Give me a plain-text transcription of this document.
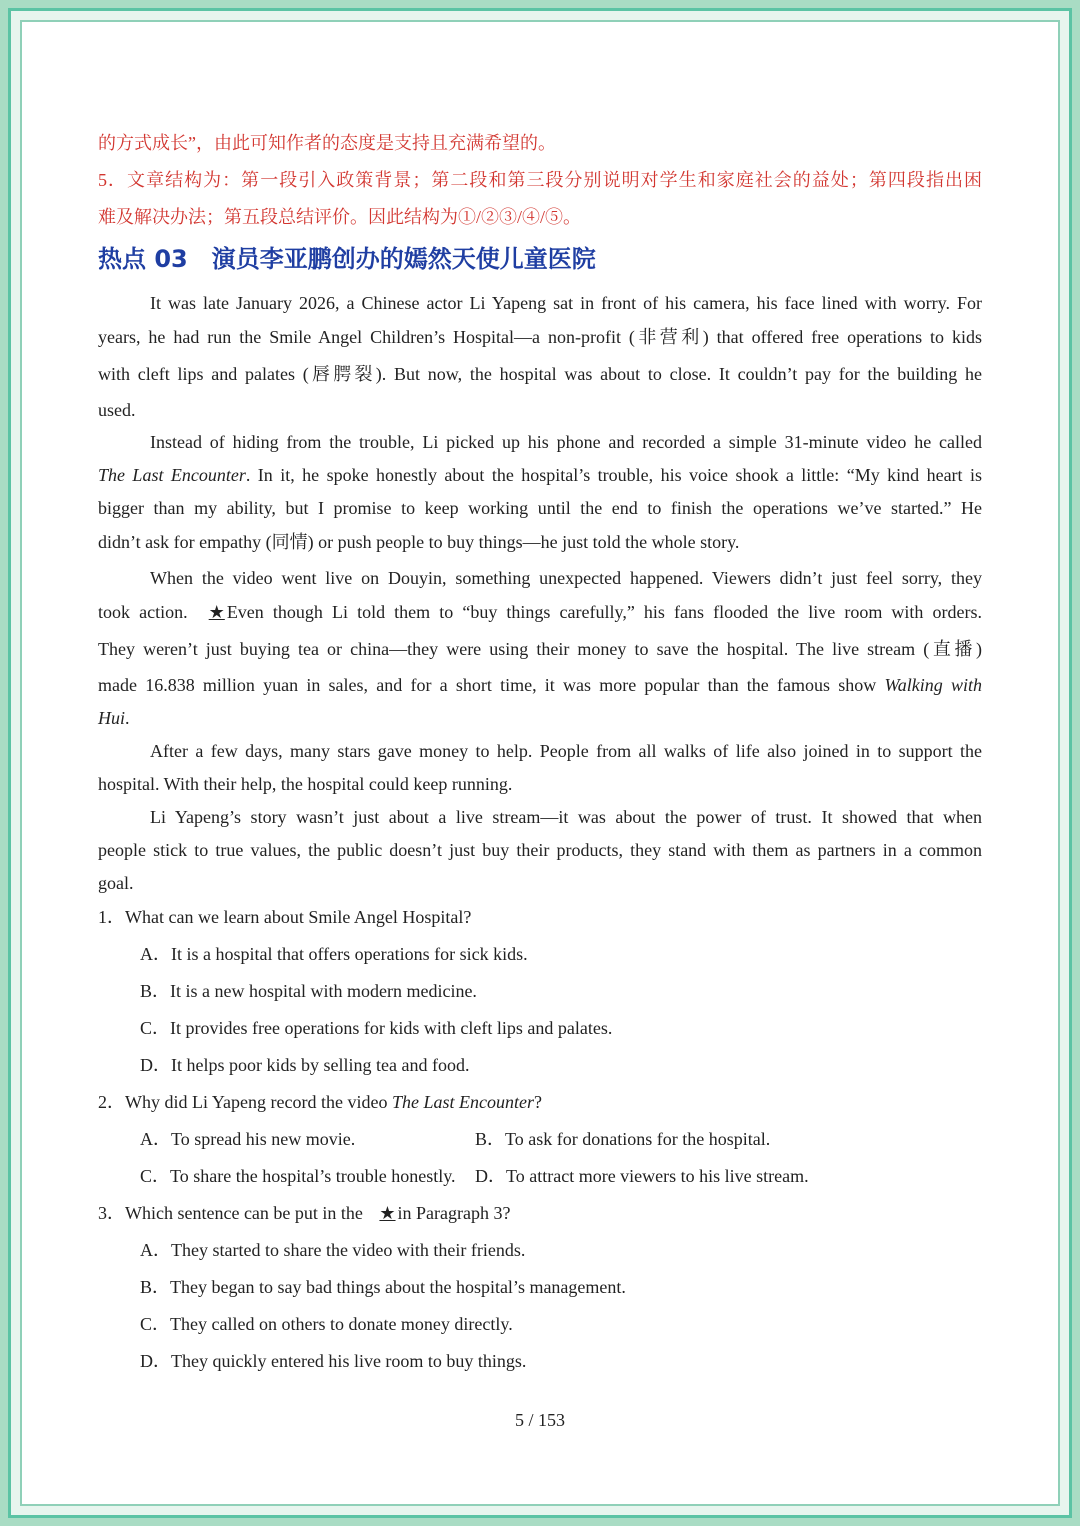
的方式成长”，由此可知作者的态度是支持且充满希望的。
5．文章结构为：第一段引入政策背景；第二段和第三段分别说明对学生和家庭社会的益处；第四段指出困
难及解决办法；第五段总结评价。因此结构为①/②③/④/⑤。
热点 03 演员李亚鹏创办的嫣然天使儿童医院
It was late January 2026, a Chinese actor Li Yapeng sat in front of his camera, his face lined with worry. For
years, he had run the Smile Angel Children’s Hospital—a non-profit (非营利) that offered free operations to kids
with cleft lips and palates (唇腭裂). But now, the hospital was about to close. It couldn’t pay for the building he
used.
Instead of hiding from the trouble, Li picked up his phone and recorded a simple 31-minute video he called
The Last Encounter. In it, he spoke honestly about the hospital’s trouble, his voice shook a little: “My kind heart is
bigger than my ability, but I promise to keep working until the end to finish the operations we’ve started.” He
didn’t ask for empathy (同情) or push people to buy things—he just told the whole story.
When the video went live on Douyin, something unexpected happened. Viewers didn’t just feel sorry, they
took action. ★ Even though Li told them to “buy things carefully,” his fans flooded the live room with orders.
They weren’t just buying tea or china—they were using their money to save the hospital. The live stream (直播)
made 16.838 million yuan in sales, and for a short time, it was more popular than the famous show Walking with
Hui.
After a few days, many stars gave money to help. People from all walks of life also joined in to support the
hospital. With their help, the hospital could keep running.
Li Yapeng’s story wasn’t just about a live stream—it was about the power of trust. It showed that when
people stick to true values, the public doesn’t just buy their products, they stand with them as partners in a common
goal.
1．What can we learn about Smile Angel Hospital?
A．It is a hospital that offers operations for sick kids.
B．It is a new hospital with modern medicine.
C．It provides free operations for kids with cleft lips and palates.
D．It helps poor kids by selling tea and food.
2．Why did Li Yapeng record the video The Last Encounter?
A．To spread his new movie.	B．To ask for donations for the hospital.
C．To share the hospital’s trouble honestly. D．To attract more viewers to his live stream.
3．Which sentence can be put in the ★ in Paragraph 3?
A．They started to share the video with their friends.
B．They began to say bad things about the hospital’s management.
C．They called on others to donate money directly.
D．They quickly entered his live room to buy things.
5 / 153
